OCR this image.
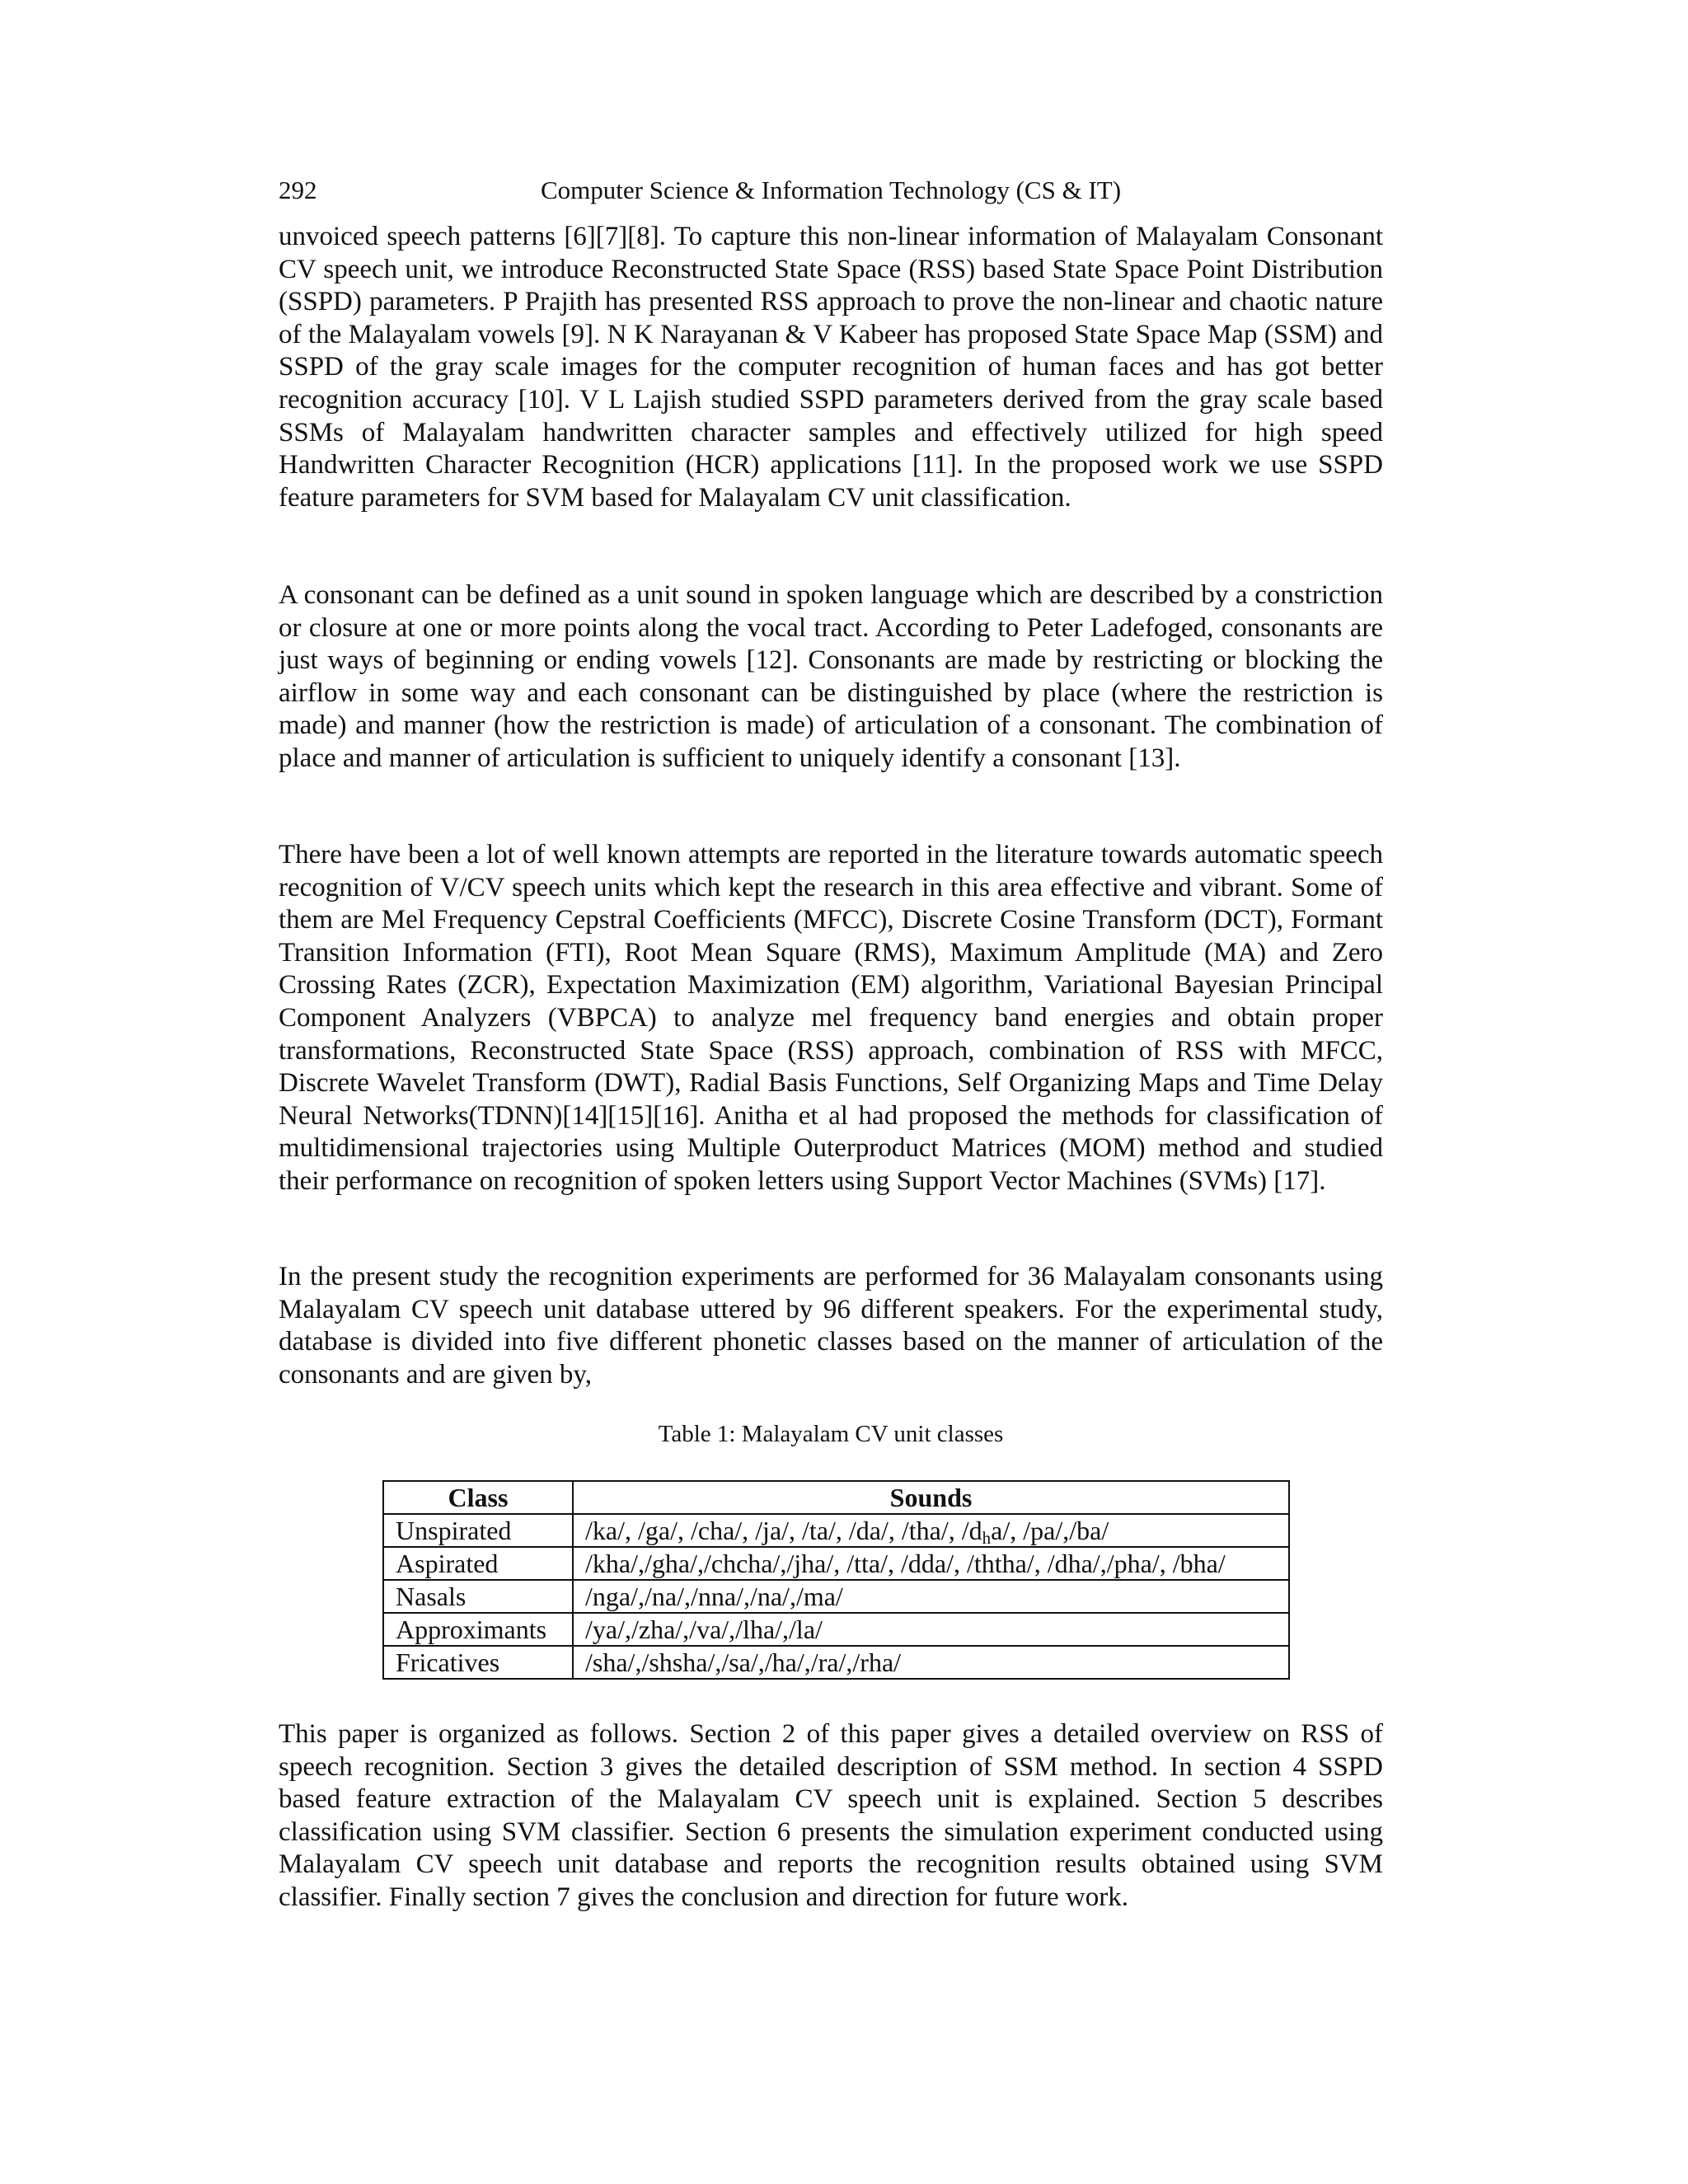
292	Computer Science & Information Technology (CS & IT)

unvoiced speech patterns [6][7][8]. To capture this non-linear information of Malayalam Consonant CV speech unit, we introduce Reconstructed State Space (RSS) based State Space Point Distribution (SSPD) parameters. P Prajith has presented RSS approach to prove the non-linear and chaotic nature of the Malayalam vowels [9]. N K Narayanan & V Kabeer has proposed State Space Map (SSM) and SSPD of the gray scale images for the computer recognition of human faces and has got better recognition accuracy [10]. V L Lajish studied SSPD parameters derived from the gray scale based SSMs of Malayalam handwritten character samples and effectively utilized for high speed Handwritten Character Recognition (HCR) applications [11]. In the proposed work we use SSPD feature parameters for SVM based for Malayalam CV unit classification.

A consonant can be defined as a unit sound in spoken language which are described by a constriction or closure at one or more points along the vocal tract. According to Peter Ladefoged, consonants are just ways of beginning or ending vowels [12]. Consonants are made by restricting or blocking the airflow in some way and each consonant can be distinguished by place (where the restriction is made) and manner (how the restriction is made) of articulation of a consonant. The combination of place and manner of articulation is sufficient to uniquely identify a consonant [13].

There have been a lot of well known attempts are reported in the literature towards automatic speech recognition of V/CV speech units which kept the research in this area effective and vibrant. Some of them are Mel Frequency Cepstral Coefficients (MFCC), Discrete Cosine Transform (DCT), Formant Transition Information (FTI), Root Mean Square (RMS), Maximum Amplitude (MA) and Zero Crossing Rates (ZCR), Expectation Maximization (EM) algorithm, Variational Bayesian Principal Component Analyzers (VBPCA) to analyze mel frequency band energies and obtain proper transformations, Reconstructed State Space (RSS) approach, combination of RSS with MFCC, Discrete Wavelet Transform (DWT), Radial Basis Functions, Self Organizing Maps and Time Delay Neural Networks(TDNN)[14][15][16]. Anitha et al had proposed the methods for classification of multidimensional trajectories using Multiple Outerproduct Matrices (MOM) method and studied their performance on recognition of spoken letters using Support Vector Machines (SVMs) [17].

In the present study the recognition experiments are performed for 36 Malayalam consonants using Malayalam CV speech unit database uttered by 96 different speakers. For the experimental study, database is divided into five different phonetic classes based on the manner of articulation of the consonants and are given by,

Table 1: Malayalam CV unit classes
Class	Sounds
Unspirated	/ka/, /ga/, /cha/, /ja/, /ta/, /da/, /tha/, $/d_ha/$, /pa/,/ba/
Aspirated	/kha/,/gha/,/chcha/,/jha/, /tta/, /dda/, /ththa/, /dha/,/pha/, /bha/
Nasals	/nga/,/na/,/nna/,/na/,/ma/
Approximants	/ya/,/zha/,/va/,/lha/,/la/
Fricatives	/sha/,/shsha/,/sa/,/ha/,/ra/,/rha/

This paper is organized as follows. Section 2 of this paper gives a detailed overview on RSS of speech recognition. Section 3 gives the detailed description of SSM method. In section 4 SSPD based feature extraction of the Malayalam CV speech unit is explained. Section 5 describes classification using SVM classifier. Section 6 presents the simulation experiment conducted using Malayalam CV speech unit database and reports the recognition results obtained using SVM classifier. Finally section 7 gives the conclusion and direction for future work.
